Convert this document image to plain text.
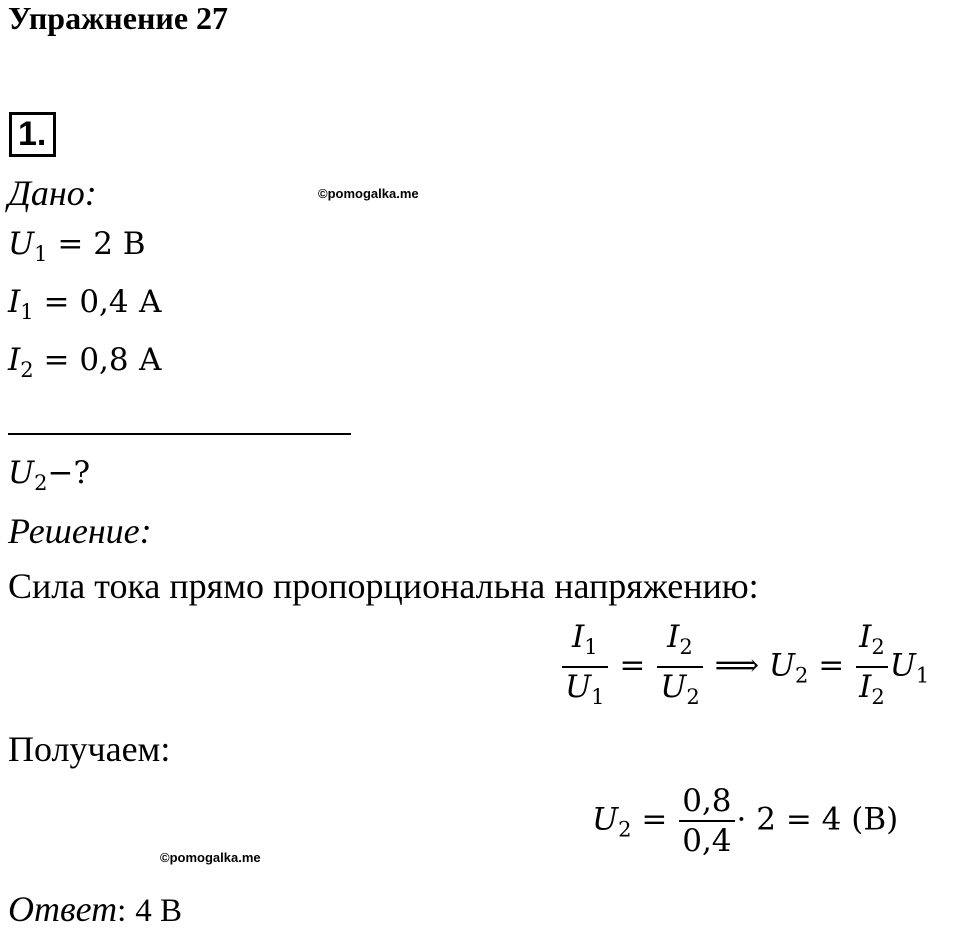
Упражнение 27
1.
Дано:	©pomogalka.me
$U_1 = 2$ В
$I_1 = 0,4$ А
$I_2 = 0,8$ А
$U_2-$?
Решение:
Сила тока прямо пропорциональна напряжению:
$\frac{I_1}{U_1} = \frac{I_2}{U_2}$ ⟹ $U_2 = \frac{I_2}{I_2} U_1$
Получаем:
$U_2 = \frac{0,8}{0,4} \cdot 2 = 4$ (В)
©pomogalka.me
Ответ: 4 В
